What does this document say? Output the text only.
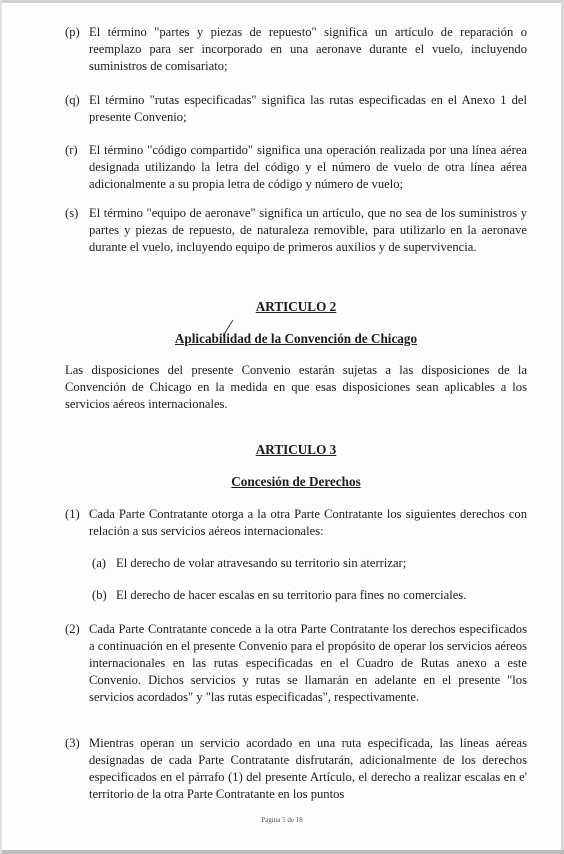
(p) El término "partes y piezas de repuesto" significa un artículo de reparación o reemplazo para ser incorporado en una aeronave durante el vuelo, incluyendo suministros de comisariato;
(q) El término "rutas especificadas" significa las rutas especificadas en el Anexo 1 del presente Convenio;
(r) El término "código compartido" significa una operación realizada por una línea aérea designada utilizando la letra del código y el número de vuelo de otra línea aérea adicionalmente a su propia letra de código y número de vuelo;
(s) El término "equipo de aeronave" significa un artículo, que no sea de los suministros y partes y piezas de repuesto, de naturaleza removible, para utilizarlo en la aeronave durante el vuelo, incluyendo equipo de primeros auxilios y de supervivencia.
ARTICULO 2
Aplicabilidad de la Convención de Chicago
Las disposiciones del presente Convenio estarán sujetas a las disposiciones de la Convención de Chicago en la medida en que esas disposiciones sean aplicables a los servicios aéreos internacionales.
ARTICULO 3
Concesión de Derechos
(1) Cada Parte Contratante otorga a la otra Parte Contratante los siguientes derechos con relación a sus servicios aéreos internacionales:
(a) El derecho de volar atravesando su territorio sin aterrizar;
(b) El derecho de hacer escalas en su territorio para fines no comerciales.
(2) Cada Parte Contratante concede a la otra Parte Contratante los derechos especificados a continuación en el presente Convenio para el propósito de operar los servicios aéreos internacionales en las rutas especificadas en el Cuadro de Rutas anexo a este Convenio. Dichos servicios y rutas se llamarán en adelante en el presente "los servicios acordados" y "las rutas especificadas", respectivamente.
(3) Mientras operan un servicio acordado en una ruta especificada, las líneas aéreas designadas de cada Parte Contratante disfrutarán, adicionalmente de los derechos especificados en el párrafo (1) del presente Artículo, el derecho a realizar escalas en e' territorio de la otra Parte Contratante en los puntos
Pagina 5 de 18
